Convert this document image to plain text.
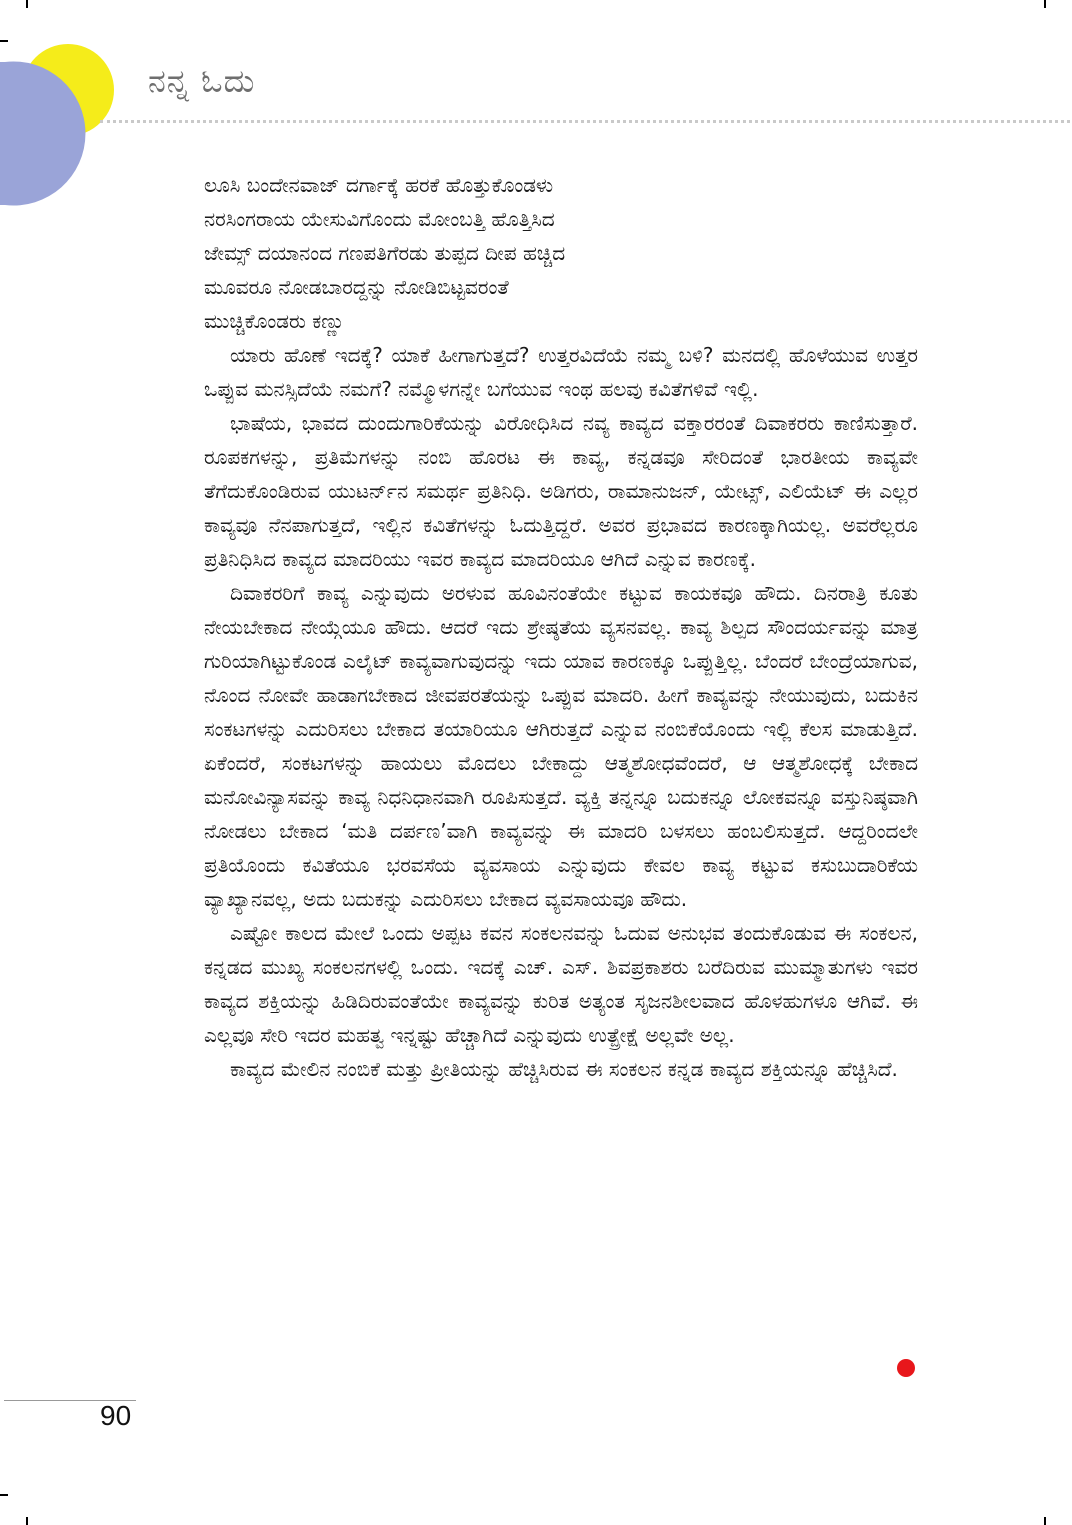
ನನ್ನ ಓದು
ಲೂಸಿ ಬಂದೇನವಾಜ್ ದರ್ಗಾಕ್ಕೆ ಹರಕೆ ಹೊತ್ತುಕೊಂಡಳು
ನರಸಿಂಗರಾಯ ಯೇಸುವಿಗೊಂದು ಮೋಂಬತ್ತಿ ಹೊತ್ತಿಸಿದ
ಜೇಮ್ಸ್ ದಯಾನಂದ ಗಣಪತಿಗೆರಡು ತುಪ್ಪದ ದೀಪ ಹಚ್ಚಿದ
ಮೂವರೂ ನೋಡಬಾರದ್ದನ್ನು ನೋಡಿಬಿಟ್ಟವರಂತೆ
ಮುಚ್ಚಿಕೊಂಡರು ಕಣ್ಣು

ಯಾರು ಹೊಣೆ ಇದಕ್ಕೆ? ಯಾಕೆ ಹೀಗಾಗುತ್ತದೆ? ಉತ್ತರವಿದೆಯೆ ನಮ್ಮ ಬಳಿ? ಮನದಲ್ಲಿ ಹೊಳೆಯುವ ಉತ್ತರ ಒಪ್ಪುವ ಮನಸ್ಸಿದೆಯೆ ನಮಗೆ? ನಮ್ಮೊಳಗನ್ನೇ ಬಗೆಯುವ ಇಂಥ ಹಲವು ಕವಿತೆಗಳಿವೆ ಇಲ್ಲಿ.

ಭಾಷೆಯ, ಭಾವದ ದುಂದುಗಾರಿಕೆಯನ್ನು ವಿರೋಧಿಸಿದ ನವ್ಯ ಕಾವ್ಯದ ವಕ್ತಾರರಂತೆ ದಿವಾಕರರು ಕಾಣಿಸುತ್ತಾರೆ. ರೂಪಕಗಳನ್ನು, ಪ್ರತಿಮೆಗಳನ್ನು ನಂಬಿ ಹೊರಟ ಈ ಕಾವ್ಯ, ಕನ್ನಡವೂ ಸೇರಿದಂತೆ ಭಾರತೀಯ ಕಾವ್ಯವೇ ತೆಗೆದುಕೊಂಡಿರುವ ಯುಟರ್ನ್‌ನ ಸಮರ್ಥ ಪ್ರತಿನಿಧಿ. ಅಡಿಗರು, ರಾಮಾನುಜನ್, ಯೇಟ್ಸ್, ಎಲಿಯೆಟ್ ಈ ಎಲ್ಲರ ಕಾವ್ಯವೂ ನೆನಪಾಗುತ್ತದೆ, ಇಲ್ಲಿನ ಕವಿತೆಗಳನ್ನು ಓದುತ್ತಿದ್ದರೆ. ಅವರ ಪ್ರಭಾವದ ಕಾರಣಕ್ಕಾಗಿಯಲ್ಲ. ಅವರೆಲ್ಲರೂ ಪ್ರತಿನಿಧಿಸಿದ ಕಾವ್ಯದ ಮಾದರಿಯು ಇವರ ಕಾವ್ಯದ ಮಾದರಿಯೂ ಆಗಿದೆ ಎನ್ನುವ ಕಾರಣಕ್ಕೆ.

ದಿವಾಕರರಿಗೆ ಕಾವ್ಯ ಎನ್ನುವುದು ಅರಳುವ ಹೂವಿನಂತೆಯೇ ಕಟ್ಟುವ ಕಾಯಕವೂ ಹೌದು. ದಿನರಾತ್ರಿ ಕೂತು ನೇಯಬೇಕಾದ ನೇಯ್ಗೆಯೂ ಹೌದು. ಆದರೆ ಇದು ಶ್ರೇಷ್ಠತೆಯ ವ್ಯಸನವಲ್ಲ. ಕಾವ್ಯ ಶಿಲ್ಪದ ಸೌಂದರ್ಯವನ್ನು ಮಾತ್ರ ಗುರಿಯಾಗಿಟ್ಟುಕೊಂಡ ಎಲೈಟ್ ಕಾವ್ಯವಾಗುವುದನ್ನು ಇದು ಯಾವ ಕಾರಣಕ್ಕೂ ಒಪ್ಪುತ್ತಿಲ್ಲ. ಬೆಂದರೆ ಬೇಂದ್ರೆಯಾಗುವ, ನೊಂದ ನೋವೇ ಹಾಡಾಗಬೇಕಾದ ಜೀವಪರತೆಯನ್ನು ಒಪ್ಪುವ ಮಾದರಿ. ಹೀಗೆ ಕಾವ್ಯವನ್ನು ನೇಯುವುದು, ಬದುಕಿನ ಸಂಕಟಗಳನ್ನು ಎದುರಿಸಲು ಬೇಕಾದ ತಯಾರಿಯೂ ಆಗಿರುತ್ತದೆ ಎನ್ನುವ ನಂಬಿಕೆಯೊಂದು ಇಲ್ಲಿ ಕೆಲಸ ಮಾಡುತ್ತಿದೆ. ಏಕೆಂದರೆ, ಸಂಕಟಗಳನ್ನು ಹಾಯಲು ಮೊದಲು ಬೇಕಾದ್ದು ಆತ್ಮಶೋಧವೆಂದರೆ, ಆ ಆತ್ಮಶೋಧಕ್ಕೆ ಬೇಕಾದ ಮನೋವಿನ್ಯಾಸವನ್ನು ಕಾವ್ಯ ನಿಧನಿಧಾನವಾಗಿ ರೂಪಿಸುತ್ತದೆ. ವ್ಯಕ್ತಿ ತನ್ನನ್ನೂ ಬದುಕನ್ನೂ ಲೋಕವನ್ನೂ ವಸ್ತುನಿಷ್ಠವಾಗಿ ನೋಡಲು ಬೇಕಾದ ‘ಮತಿ ದರ್ಪಣ’ವಾಗಿ ಕಾವ್ಯವನ್ನು ಈ ಮಾದರಿ ಬಳಸಲು ಹಂಬಲಿಸುತ್ತದೆ. ಆದ್ದರಿಂದಲೇ ಪ್ರತಿಯೊಂದು ಕವಿತೆಯೂ ಭರವಸೆಯ ವ್ಯವಸಾಯ ಎನ್ನುವುದು ಕೇವಲ ಕಾವ್ಯ ಕಟ್ಟುವ ಕಸುಬುದಾರಿಕೆಯ ವ್ಯಾಖ್ಯಾನವಲ್ಲ, ಅದು ಬದುಕನ್ನು ಎದುರಿಸಲು ಬೇಕಾದ ವ್ಯವಸಾಯವೂ ಹೌದು.

ಎಷ್ಟೋ ಕಾಲದ ಮೇಲೆ ಒಂದು ಅಪ್ಪಟ ಕವನ ಸಂಕಲನವನ್ನು ಓದುವ ಅನುಭವ ತಂದುಕೊಡುವ ಈ ಸಂಕಲನ, ಕನ್ನಡದ ಮುಖ್ಯ ಸಂಕಲನಗಳಲ್ಲಿ ಒಂದು. ಇದಕ್ಕೆ ಎಚ್. ಎಸ್. ಶಿವಪ್ರಕಾಶರು ಬರೆದಿರುವ ಮುಮ್ಮಾತುಗಳು ಇವರ ಕಾವ್ಯದ ಶಕ್ತಿಯನ್ನು ಹಿಡಿದಿರುವಂತೆಯೇ ಕಾವ್ಯವನ್ನು ಕುರಿತ ಅತ್ಯಂತ ಸೃಜನಶೀಲವಾದ ಹೊಳಹುಗಳೂ ಆಗಿವೆ. ಈ ಎಲ್ಲವೂ ಸೇರಿ ಇದರ ಮಹತ್ವ ಇನ್ನಷ್ಟು ಹೆಚ್ಚಾಗಿದೆ ಎನ್ನುವುದು ಉತ್ಪ್ರೇಕ್ಷೆ ಅಲ್ಲವೇ ಅಲ್ಲ.

ಕಾವ್ಯದ ಮೇಲಿನ ನಂಬಿಕೆ ಮತ್ತು ಪ್ರೀತಿಯನ್ನು ಹೆಚ್ಚಿಸಿರುವ ಈ ಸಂಕಲನ ಕನ್ನಡ ಕಾವ್ಯದ ಶಕ್ತಿಯನ್ನೂ ಹೆಚ್ಚಿಸಿದೆ.

90
